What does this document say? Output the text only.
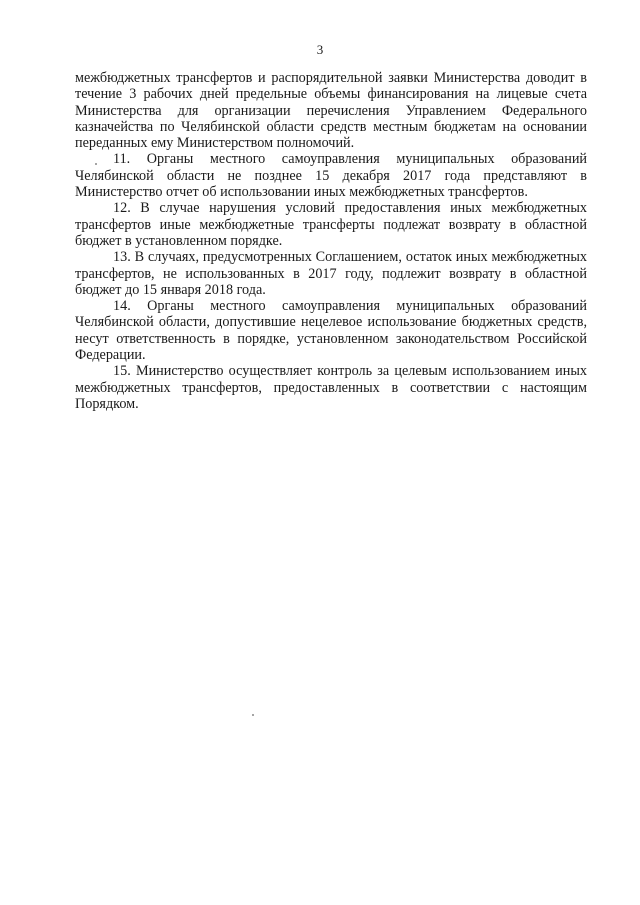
3

межбюджетных трансфертов и распорядительной заявки Министерства доводит в течение 3 рабочих дней предельные объемы финансирования на лицевые счета Министерства для организации перечисления Управлением Федерального казначейства по Челябинской области средств местным бюджетам на основании переданных ему Министерством полномочий.

11. Органы местного самоуправления муниципальных образований Челябинской области не позднее 15 декабря 2017 года представляют в Министерство отчет об использовании иных межбюджетных трансфертов.

12. В случае нарушения условий предоставления иных межбюджетных трансфертов иные межбюджетные трансферты подлежат возврату в областной бюджет в установленном порядке.

13. В случаях, предусмотренных Соглашением, остаток иных межбюджетных трансфертов, не использованных в 2017 году, подлежит возврату в областной бюджет до 15 января 2018 года.

14. Органы местного самоуправления муниципальных образований Челябинской области, допустившие нецелевое использование бюджетных средств, несут ответственность в порядке, установленном законодательством Российской Федерации.

15. Министерство осуществляет контроль за целевым использованием иных межбюджетных трансфертов, предоставленных в соответствии с настоящим Порядком.
